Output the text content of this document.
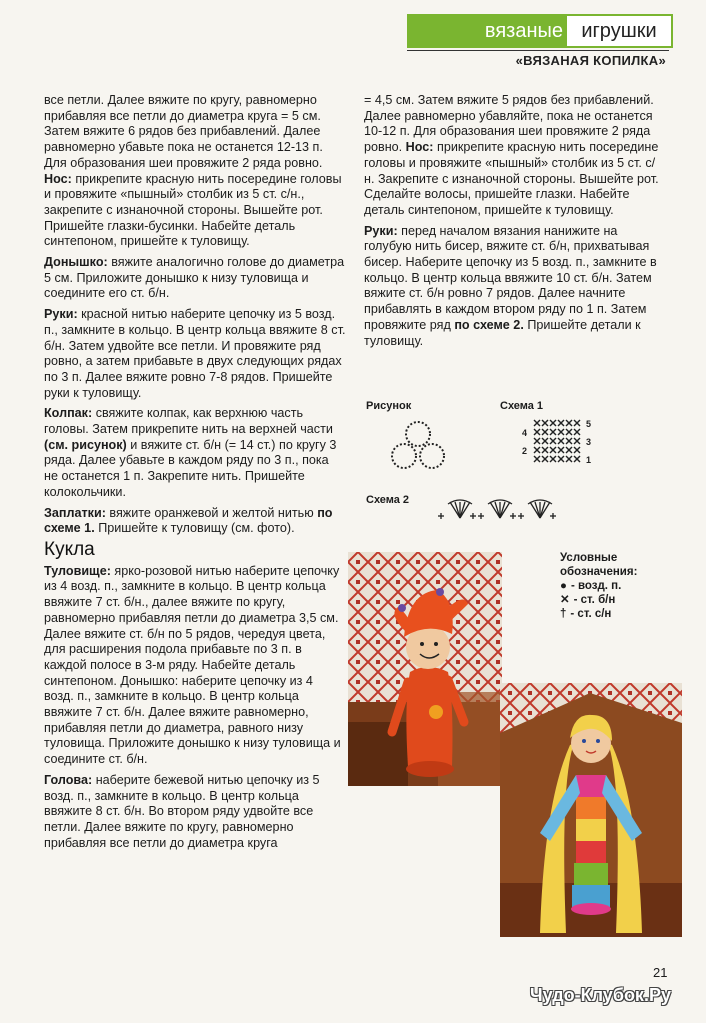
вязаные игрушки
«ВЯЗАНАЯ КОПИЛКА»

все петли. Далее вяжите по кругу, равномерно прибавляя все петли до диаметра круга = 5 см. Затем вяжите 6 рядов без прибавлений. Далее равномерно убавьте пока не останется 12-13 п. Для образования шеи провяжите 2 ряда ровно. Нос: прикрепите красную нить посередине головы и провяжите «пышный» столбик из 5 ст. с/н., закрепите с изнаночной стороны. Вышейте рот. Пришейте глазки-бусинки. Набейте деталь синтепоном, пришейте к туловищу.

Донышко: вяжите аналогично голове до диаметра 5 см. Приложите донышко к низу туловища и соедините его ст. б/н.

Руки: красной нитью наберите цепочку из 5 возд. п., замкните в кольцо. В центр кольца ввяжите 8 ст. б/н. Затем удвойте все петли. И провяжите ряд ровно, а затем прибавьте в двух следующих рядах по 3 п. Далее вяжите ровно 7-8 рядов. Пришейте руки к туловищу.

Колпак: свяжите колпак, как верхнюю часть головы. Затем прикрепите нить на верхней части (см. рисунок) и вяжите ст. б/н (= 14 ст.) по кругу 3 ряда. Далее убавьте в каждом ряду по 3 п., пока не останется 1 п. Закрепите нить. Пришейте колокольчики.

Заплатки: вяжите оранжевой и желтой нитью по схеме 1. Пришейте к туловищу (см. фото).

Кукла

Туловище: ярко-розовой нитью наберите цепочку из 4 возд. п., замкните в кольцо. В центр кольца ввяжите 7 ст. б/н., далее вяжите по кругу, равномерно прибавляя петли до диаметра 3,5 см. Далее вяжите ст. б/н по 5 рядов, чередуя цвета, для расширения подола прибавьте по 3 п. в каждой полосе в 3-м ряду. Набейте деталь синтепоном. Донышко: наберите цепочку из 4 возд. п., замкните в кольцо. В центр кольца ввяжите 7 ст. б/н. Далее вяжите равномерно, прибавляя петли до диаметра, равного низу туловища. Приложите донышко к низу туловища и соедините ст. б/н.

Голова: наберите бежевой нитью цепочку из 5 возд. п., замкните в кольцо. В центр кольца ввяжите 8 ст. б/н. Во втором ряду удвойте все петли. Далее вяжите по кругу, равномерно прибавляя все петли до диаметра круга

= 4,5 см. Затем вяжите 5 рядов без прибавлений. Далее равномерно убавляйте, пока не останется 10-12 п. Для образования шеи провяжите 2 ряда ровно. Нос: прикрепите красную нить посередине головы и провяжите «пышный» столбик из 5 ст. с/н. Закрепите с изнаночной стороны. Вышейте рот. Сделайте волосы, пришейте глазки. Набейте деталь синтепоном, пришейте к туловищу.

Руки: перед началом вязания нанижите на голубую нить бисер, вяжите ст. б/н, прихватывая бисер. Наберите цепочку из 5 возд. п., замкните в кольцо. В центр кольца ввяжите 10 ст. б/н. Затем вяжите ст. б/н ровно 7 рядов. Далее начните прибавлять в каждом втором ряду по 1 п. Затем провяжите ряд по схеме 2. Пришейте детали к туловищу.

Рисунок	Схема 1
5
3
1
4
2
Схема 2
Условные
обозначения:
● - возд. п.
✕ - ст. б/н
† - ст. с/н
21
Чудо-Клубок.Ру
